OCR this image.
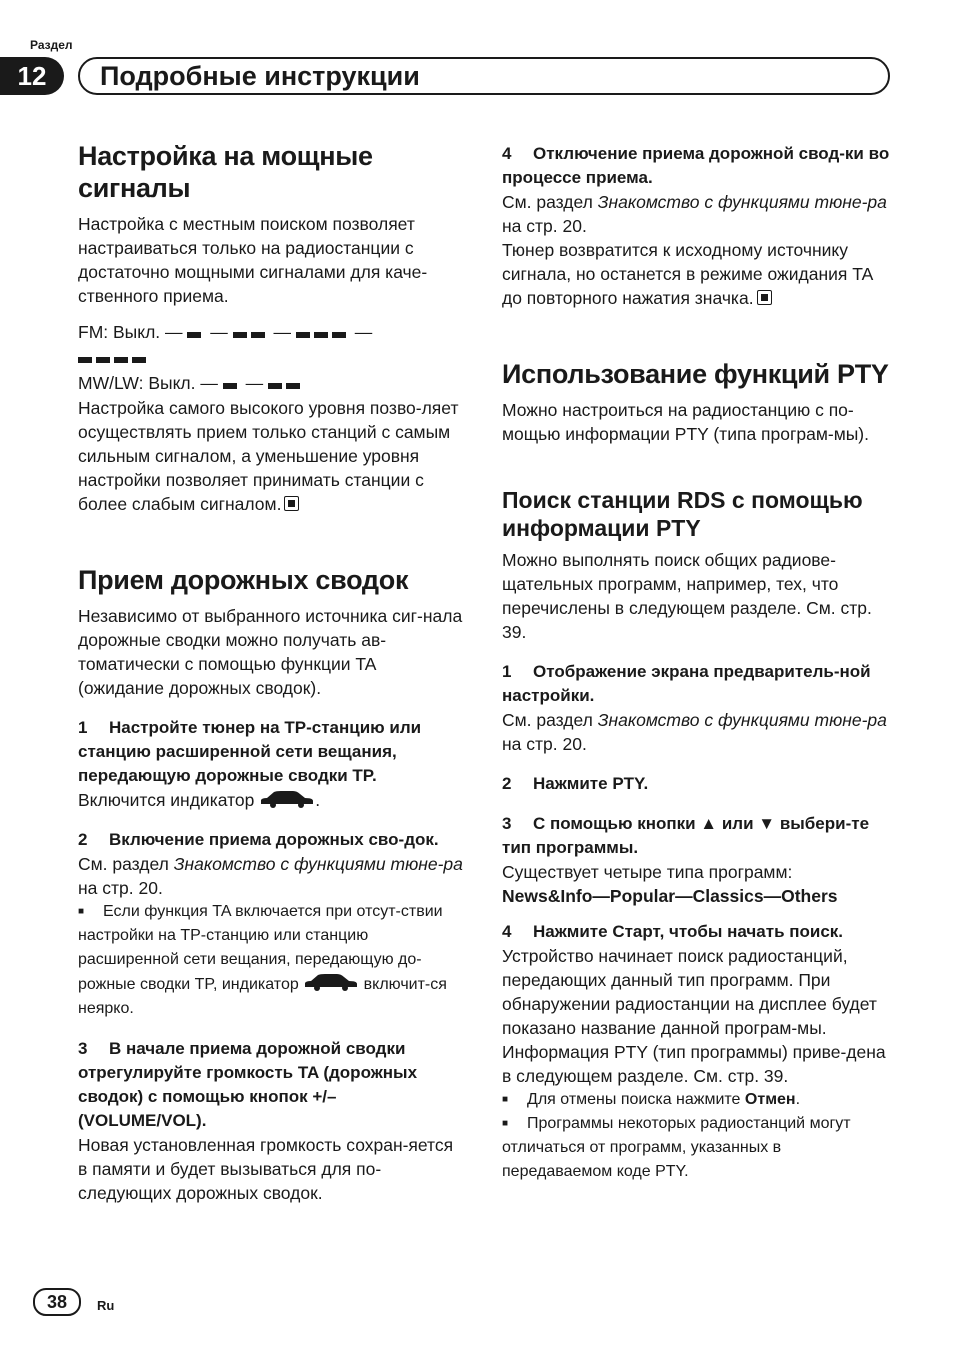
Раздел
12	Подробные инструкции
Настройка на мощные сигналы

Настройка с местным поиском позволяет настраиваться только на радиостанции с достаточно мощными сигналами для каче-ственного приема.

FM: Выкл. —  —  —	—

MW/LW: Выкл. —  —

Настройка самого высокого уровня позво-ляет осуществлять прием только станций с самым сильным сигналом, а уменьшение уровня настройки позволяет принимать станции с более слабым сигналом.

Прием дорожных сводок

Независимо от выбранного источника сиг-нала дорожные сводки можно получать ав-томатически с помощью функции TA (ожидание дорожных сводок).

1 Настройте тюнер на TP-станцию или станцию расширенной сети вещания, передающую дорожные сводки TP.

Включится индикатор	.

2 Включение приема дорожных сво-док.

См. раздел Знакомство с функциями тюне-ра на стр. 20.

■ Если функция TA включается при отсут-ствии настройки на TP-станцию или станцию расширенной сети вещания, передающую до-рожные сводки TP, индикатор	включит-ся неярко.

3 В начале приема дорожной сводки отрегулируйте громкость TA (дорожных сводок) с помощью кнопок +/– (VOLUME/VOL).

Новая установленная громкость сохран-яется в памяти и будет вызываться для по-следующих дорожных сводок.

4 Отключение приема дорожной свод-ки во процессе приема.

См. раздел Знакомство с функциями тюне-ра на стр. 20.

Тюнер возвратится к исходному источнику сигнала, но останется в режиме ожидания TA до повторного нажатия значка.

Использование функций PTY

Можно настроиться на радиостанцию с по-мощью информации PTY (типа програм-мы).

Поиск станции RDS с помощью информации PTY

Можно выполнять поиск общих радиове-щательных программ, например, тех, что перечислены в следующем разделе. См. стр. 39.

1 Отображение экрана предваритель-ной настройки.

См. раздел Знакомство с функциями тюне-ра на стр. 20.

2 Нажмите PTY.
3 С помощью кнопки ▲ или ▼ выбери-те тип программы.

Существует четыре типа программ:

News&Info—Popular—Classics—Others

4 Нажмите Старт, чтобы начать поиск.

Устройство начинает поиск радиостанций, передающих данный тип программ. При обнаружении радиостанции на дисплее будет показано название данной програм-мы.

Информация PTY (тип программы) приве-дена в следующем разделе. См. стр. 39.

■ Для отмены поиска нажмите Отмен.

■ Программы некоторых радиостанций могут отличаться от программ, указанных в передаваемом коде PTY.

38	Ru
